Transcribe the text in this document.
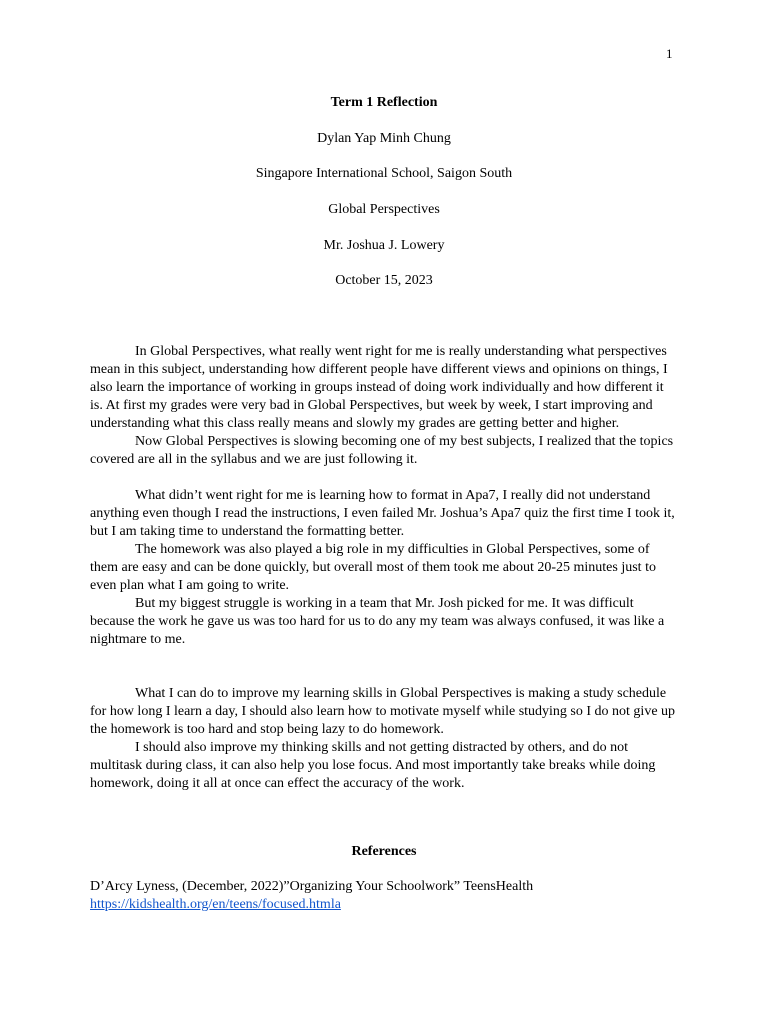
1
Term 1 Reflection
Dylan Yap Minh Chung
Singapore International School, Saigon South
Global Perspectives
Mr. Joshua J. Lowery
October 15, 2023

In Global Perspectives, what really went right for me is really understanding what perspectives mean in this subject, understanding how different people have different views and opinions on things, I also learn the importance of working in groups instead of doing work individually and how different it is. At first my grades were very bad in Global Perspectives, but week by week, I start improving and understanding what this class really means and slowly my grades are getting better and higher.

Now Global Perspectives is slowing becoming one of my best subjects, I realized that the topics covered are all in the syllabus and we are just following it.

What didn’t went right for me is learning how to format in Apa7, I really did not understand anything even though I read the instructions, I even failed Mr. Joshua’s Apa7 quiz the first time I took it, but I am taking time to understand the formatting better.

The homework was also played a big role in my difficulties in Global Perspectives, some of them are easy and can be done quickly, but overall most of them took me about 20-25 minutes just to even plan what I am going to write.

But my biggest struggle is working in a team that Mr. Josh picked for me. It was difficult because the work he gave us was too hard for us to do any my team was always confused, it was like a nightmare to me.

What I can do to improve my learning skills in Global Perspectives is making a study schedule for how long I learn a day, I should also learn how to motivate myself while studying so I do not give up the homework is too hard and stop being lazy to do homework.

I should also improve my thinking skills and not getting distracted by others, and do not multitask during class, it can also help you lose focus. And most importantly take breaks while doing homework, doing it all at once can effect the accuracy of the work.

References
D’Arcy Lyness, (December, 2022)”Organizing Your Schoolwork” TeensHealth
https://kidshealth.org/en/teens/focused.htmla
